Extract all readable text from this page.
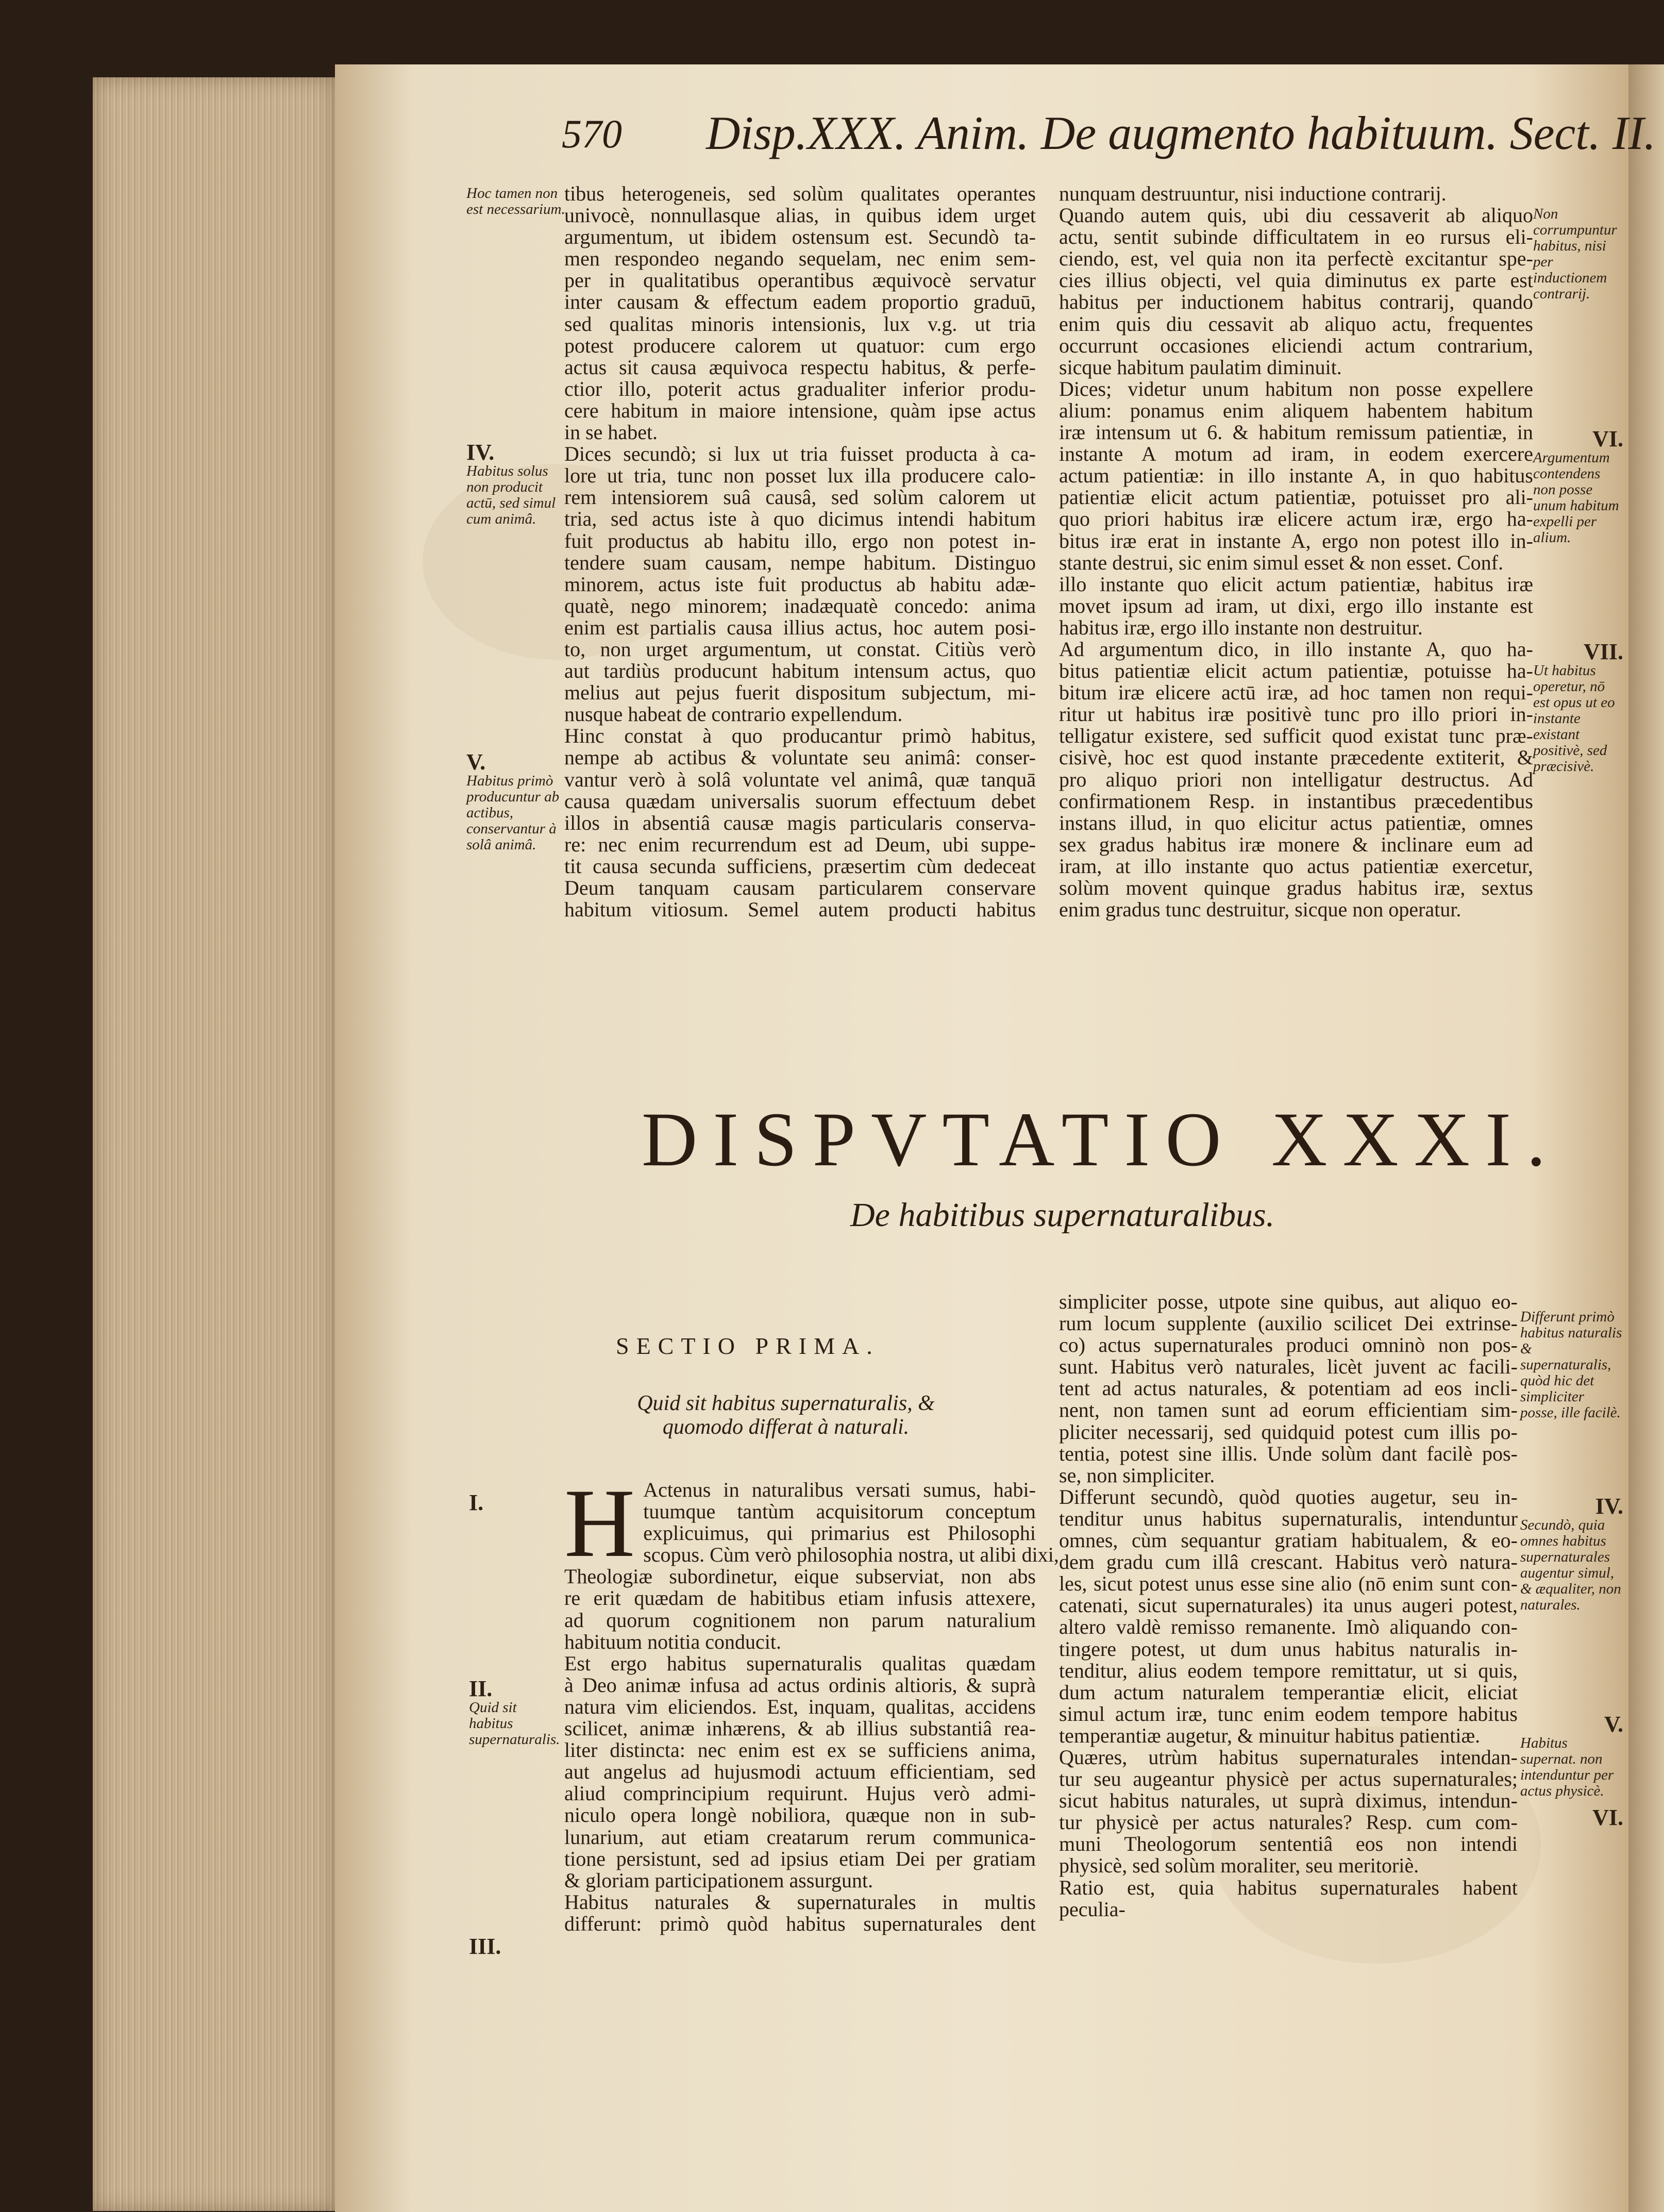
570 Disp.XXX. Anim. De augmento habituum. Sect. II.
Hoc tamen non est necessarium.
IV.
Habitus solus non producit actū, sed simul cum animâ.
V.
Habitus primò producuntur ab actibus, conservantur à solâ animâ.
tibus heterogeneis, sed solùm qualitates operantes
univocè, nonnullasque alias, in quibus idem urget
argumentum, ut ibidem ostensum est. Secundò ta-
men respondeo negando sequelam, nec enim sem-
per in qualitatibus operantibus æquivocè servatur
inter causam & effectum eadem proportio graduū,
sed qualitas minoris intensionis, lux v.g. ut tria
potest producere calorem ut quatuor: cum ergo
actus sit causa æquivoca respectu habitus, & perfe-
ctior illo, poterit actus gradualiter inferior produ-
cere habitum in maiore intensione, quàm ipse actus
in se habet.
Dices secundò; si lux ut tria fuisset producta à ca-
lore ut tria, tunc non posset lux illa producere calo-
rem intensiorem suâ causâ, sed solùm calorem ut
tria, sed actus iste à quo dicimus intendi habitum
fuit productus ab habitu illo, ergo non potest in-
tendere suam causam, nempe habitum. Distinguo
minorem, actus iste fuit productus ab habitu adæ-
quatè, nego minorem; inadæquatè concedo: anima
enim est partialis causa illius actus, hoc autem posi-
to, non urget argumentum, ut constat. Citiùs verò
aut tardiùs producunt habitum intensum actus, quo
melius aut pejus fuerit dispositum subjectum, mi-
nusque habeat de contrario expellendum.
Hinc constat à quo producantur primò habitus,
nempe ab actibus & voluntate seu animâ: conser-
vantur verò à solâ voluntate vel animâ, quæ tanquā
causa quædam universalis suorum effectuum debet
illos in absentiâ causæ magis particularis conserva-
re: nec enim recurrendum est ad Deum, ubi suppe-
tit causa secunda sufficiens, præsertim cùm dedeceat
Deum tanquam causam particularem conservare
habitum vitiosum. Semel autem producti habitus
nunquam destruuntur, nisi inductione contrarij.
Quando autem quis, ubi diu cessaverit ab aliquo
actu, sentit subinde difficultatem in eo rursus eli-
ciendo, est, vel quia non ita perfectè excitantur spe-
cies illius objecti, vel quia diminutus ex parte est
habitus per inductionem habitus contrarij, quando
enim quis diu cessavit ab aliquo actu, frequentes
occurrunt occasiones eliciendi actum contrarium,
sicque habitum paulatim diminuit.
Dices; videtur unum habitum non posse expellere
alium: ponamus enim aliquem habentem habitum
iræ intensum ut 6. & habitum remissum patientiæ, in
instante A motum ad iram, in eodem exercere
actum patientiæ: in illo instante A, in quo habitus
patientiæ elicit actum patientiæ, potuisset pro ali-
quo priori habitus iræ elicere actum iræ, ergo ha-
bitus iræ erat in instante A, ergo non potest illo in-
stante destrui, sic enim simul esset & non esset. Conf.
illo instante quo elicit actum patientiæ, habitus iræ
movet ipsum ad iram, ut dixi, ergo illo instante est
habitus iræ, ergo illo instante non destruitur.
Ad argumentum dico, in illo instante A, quo ha-
bitus patientiæ elicit actum patientiæ, potuisse ha-
bitum iræ elicere actū iræ, ad hoc tamen non requi-
ritur ut habitus iræ positivè tunc pro illo priori in-
telligatur existere, sed sufficit quod existat tunc præ-
cisivè, hoc est quod instante præcedente extiterit, &
pro aliquo priori non intelligatur destructus. Ad
confirmationem Resp. in instantibus præcedentibus
instans illud, in quo elicitur actus patientiæ, omnes
sex gradus habitus iræ monere & inclinare eum ad
iram, at illo instante quo actus patientiæ exercetur,
solùm movent quinque gradus habitus iræ, sextus
enim gradus tunc destruitur, sicque non operatur.
Non corrumpuntur habitus, nisi per inductionem contrarij.
VI.
Argumentum contendens non posse unum habitum expelli per alium.
VII.
Ut habitus operetur, nō est opus ut eo instante existant positivè, sed præcisivè.
DISPVTATIO XXXI.
De habitibus supernaturalibus.
SECTIO PRIMA.
Quid sit habitus supernaturalis, & quomodo differat à naturali.
I.
II.
Quid sit habitus supernaturalis.
III.
H Actenus in naturalibus versati sumus, habi-
tuumque tantùm acquisitorum conceptum
explicuimus, qui primarius est Philosophi
scopus. Cùm verò philosophia nostra, ut alibi dixi,
Theologiæ subordinetur, eique subserviat, non abs
re erit quædam de habitibus etiam infusis attexere,
ad quorum cognitionem non parum naturalium
habituum notitia conducit.
Est ergo habitus supernaturalis qualitas quædam
à Deo animæ infusa ad actus ordinis altioris, & suprà
natura vim eliciendos. Est, inquam, qualitas, accidens
scilicet, animæ inhærens, & ab illius substantiâ rea-
liter distincta: nec enim est ex se sufficiens anima,
aut angelus ad hujusmodi actuum efficientiam, sed
aliud comprincipium requirunt. Hujus verò admi-
niculo opera longè nobiliora, quæque non in sub-
lunarium, aut etiam creatarum rerum communica-
tione persistunt, sed ad ipsius etiam Dei per gratiam
& gloriam participationem assurgunt.
Habitus naturales & supernaturales in multis
differunt: primò quòd habitus supernaturales dent
simpliciter posse, utpote sine quibus, aut aliquo eo-
rum locum supplente (auxilio scilicet Dei extrinse-
co) actus supernaturales produci omninò non pos-
sunt. Habitus verò naturales, licèt juvent ac facili-
tent ad actus naturales, & potentiam ad eos incli-
nent, non tamen sunt ad eorum efficientiam sim-
pliciter necessarij, sed quidquid potest cum illis po-
tentia, potest sine illis. Unde solùm dant facilè pos-
se, non simpliciter.
Differunt secundò, quòd quoties augetur, seu in-
tenditur unus habitus supernaturalis, intenduntur
omnes, cùm sequantur gratiam habitualem, & eo-
dem gradu cum illâ crescant. Habitus verò natura-
les, sicut potest unus esse sine alio (nō enim sunt con-
catenati, sicut supernaturales) ita unus augeri potest,
altero valdè remisso remanente. Imò aliquando con-
tingere potest, ut dum unus habitus naturalis in-
tenditur, alius eodem tempore remittatur, ut si quis,
dum actum naturalem temperantiæ elicit, eliciat
simul actum iræ, tunc enim eodem tempore habitus
temperantiæ augetur, & minuitur habitus patientiæ.
Quæres, utrùm habitus supernaturales intendan-
tur seu augeantur physicè per actus supernaturales;
sicut habitus naturales, ut suprà diximus, intendun-
tur physicè per actus naturales? Resp. cum com-
muni Theologorum sententiâ eos non intendi
physicè, sed solùm moraliter, seu meritoriè.
Ratio est, quia habitus supernaturales habent
peculia-
Differunt primò habitus naturalis & supernaturalis, quòd hic det simpliciter posse, ille facilè.
IV.
Secundò, quia omnes habitus supernaturales augentur simul, & æqualiter, non naturales.
V.
Habitus supernat. non intenduntur per actus physicè.
VI.
